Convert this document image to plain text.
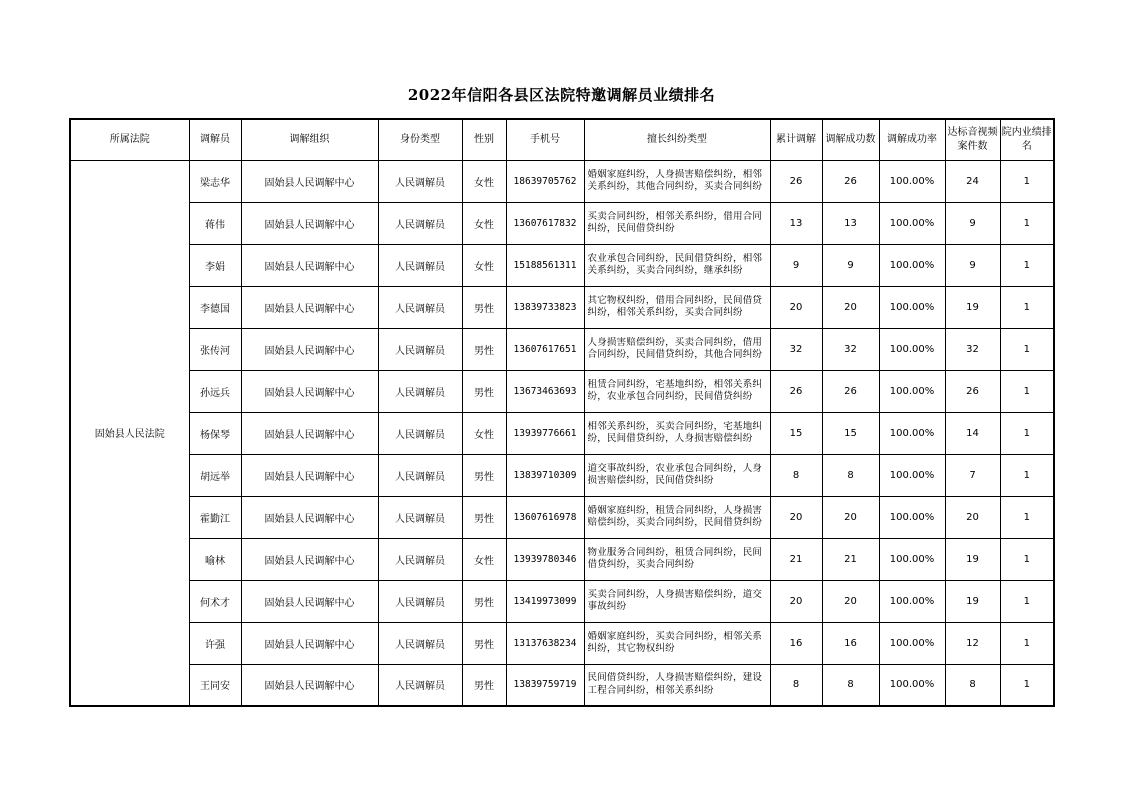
2022年信阳各县区法院特邀调解员业绩排名
所属法院	调解员	调解组织	身份类型	性别	手机号	擅长纠纷类型	累计调解	调解成功数	调解成功率	达标音视频案件数	院内业绩排名
固始县人民法院	梁志华	固始县人民调解中心	人民调解员	女性	18639705762	婚姻家庭纠纷，人身损害赔偿纠纷，相邻关系纠纷，其他合同纠纷，买卖合同纠纷	26	26	100.00%	24	1
	蒋伟	固始县人民调解中心	人民调解员	女性	13607617832	买卖合同纠纷，相邻关系纠纷，借用合同纠纷，民间借贷纠纷	13	13	100.00%	9	1
	李娟	固始县人民调解中心	人民调解员	女性	15188561311	农业承包合同纠纷，民间借贷纠纷，相邻关系纠纷，买卖合同纠纷，继承纠纷	9	9	100.00%	9	1
	李德国	固始县人民调解中心	人民调解员	男性	13839733823	其它物权纠纷，借用合同纠纷，民间借贷纠纷，相邻关系纠纷，买卖合同纠纷	20	20	100.00%	19	1
	张传河	固始县人民调解中心	人民调解员	男性	13607617651	人身损害赔偿纠纷，买卖合同纠纷，借用合同纠纷，民间借贷纠纷，其他合同纠纷	32	32	100.00%	32	1
	孙远兵	固始县人民调解中心	人民调解员	男性	13673463693	租赁合同纠纷，宅基地纠纷，相邻关系纠纷，农业承包合同纠纷，民间借贷纠纷	26	26	100.00%	26	1
	杨保琴	固始县人民调解中心	人民调解员	女性	13939776661	相邻关系纠纷，买卖合同纠纷，宅基地纠纷，民间借贷纠纷，人身损害赔偿纠纷	15	15	100.00%	14	1
	胡远举	固始县人民调解中心	人民调解员	男性	13839710309	道交事故纠纷，农业承包合同纠纷，人身损害赔偿纠纷，民间借贷纠纷	8	8	100.00%	7	1
	霍勤江	固始县人民调解中心	人民调解员	男性	13607616978	婚姻家庭纠纷，租赁合同纠纷，人身损害赔偿纠纷，买卖合同纠纷，民间借贷纠纷	20	20	100.00%	20	1
	喻林	固始县人民调解中心	人民调解员	女性	13939780346	物业服务合同纠纷，租赁合同纠纷，民间借贷纠纷，买卖合同纠纷	21	21	100.00%	19	1
	何术才	固始县人民调解中心	人民调解员	男性	13419973099	买卖合同纠纷，人身损害赔偿纠纷，道交事故纠纷	20	20	100.00%	19	1
	许强	固始县人民调解中心	人民调解员	男性	13137638234	婚姻家庭纠纷，买卖合同纠纷，相邻关系纠纷，其它物权纠纷	16	16	100.00%	12	1
	王同安	固始县人民调解中心	人民调解员	男性	13839759719	民间借贷纠纷，人身损害赔偿纠纷，建设工程合同纠纷，相邻关系纠纷	8	8	100.00%	8	1
